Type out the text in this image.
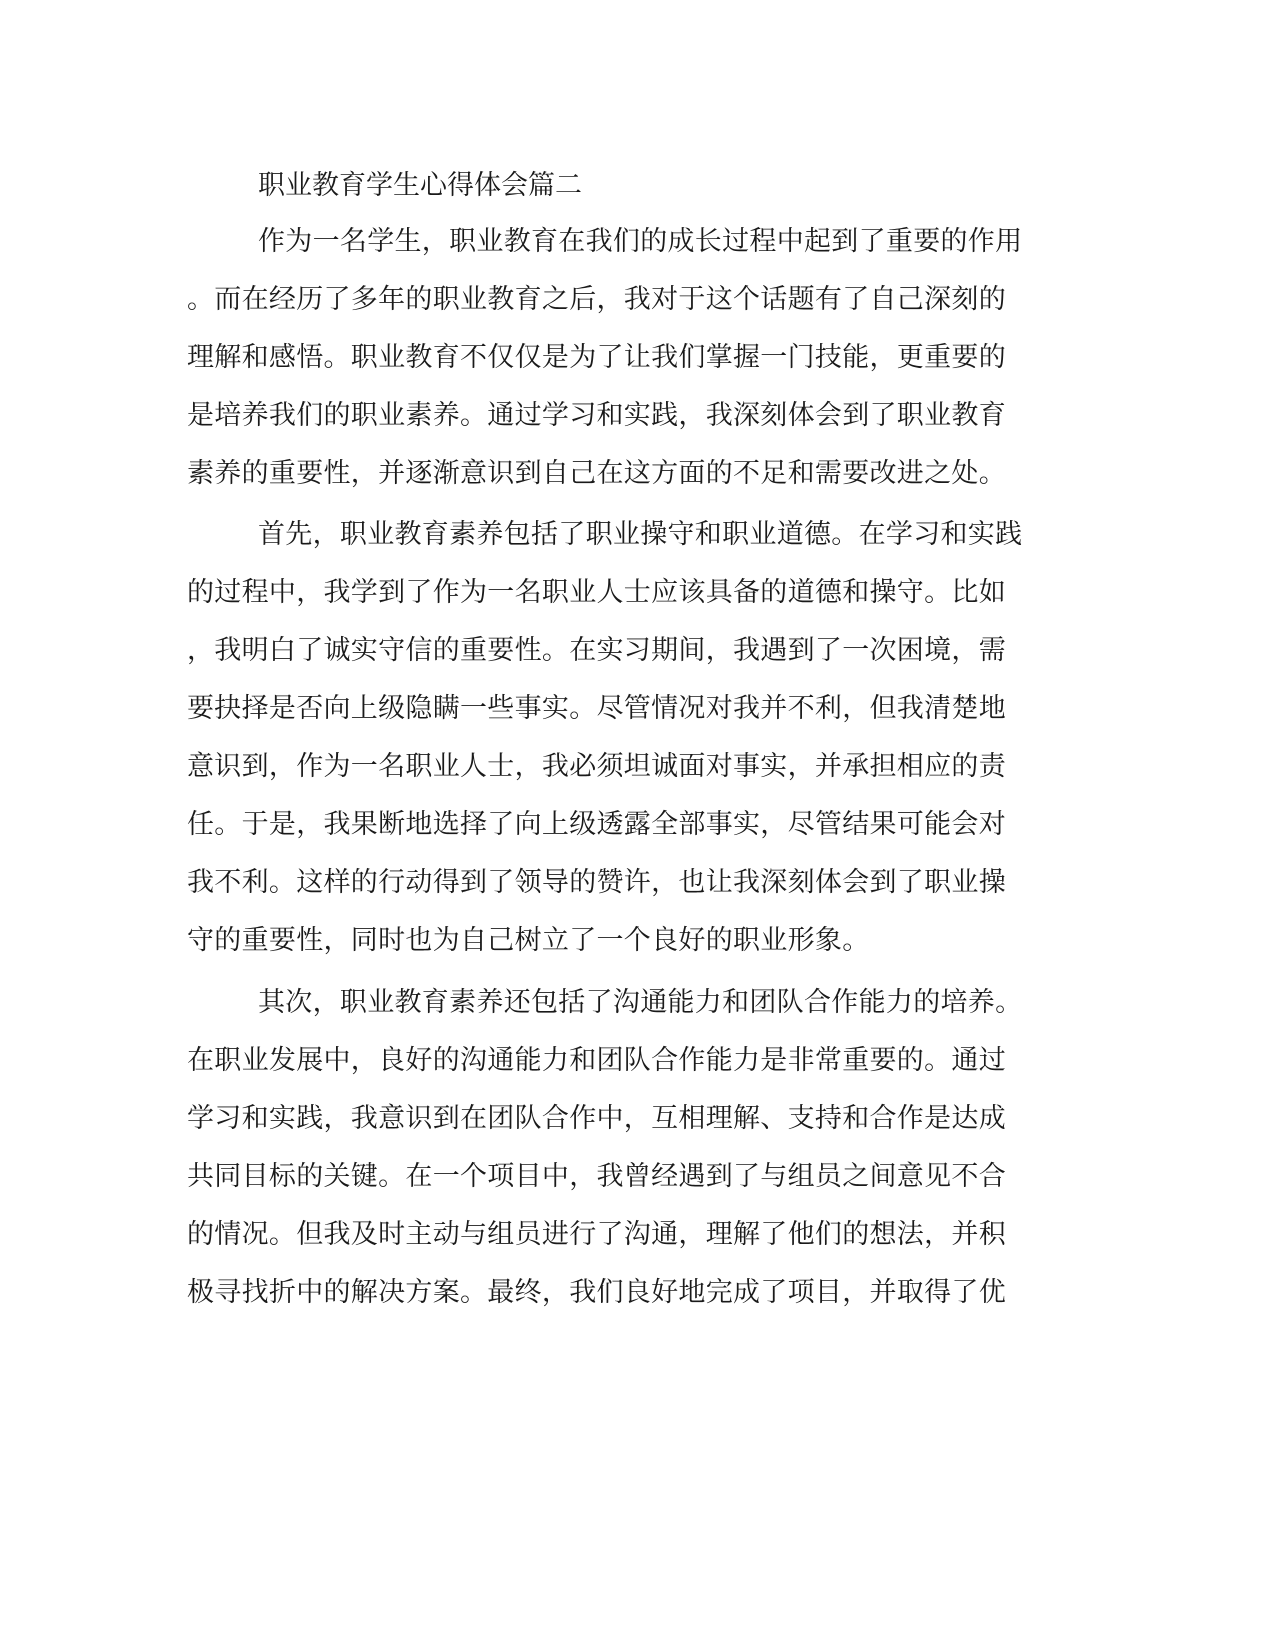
职业教育学生心得体会篇二
作为一名学生，职业教育在我们的成长过程中起到了重要的作用
。而在经历了多年的职业教育之后，我对于这个话题有了自己深刻的
理解和感悟。职业教育不仅仅是为了让我们掌握一门技能，更重要的
是培养我们的职业素养。通过学习和实践，我深刻体会到了职业教育
素养的重要性，并逐渐意识到自己在这方面的不足和需要改进之处。
首先，职业教育素养包括了职业操守和职业道德。在学习和实践
的过程中，我学到了作为一名职业人士应该具备的道德和操守。比如
，我明白了诚实守信的重要性。在实习期间，我遇到了一次困境，需
要抉择是否向上级隐瞒一些事实。尽管情况对我并不利，但我清楚地
意识到，作为一名职业人士，我必须坦诚面对事实，并承担相应的责
任。于是，我果断地选择了向上级透露全部事实，尽管结果可能会对
我不利。这样的行动得到了领导的赞许，也让我深刻体会到了职业操
守的重要性，同时也为自己树立了一个良好的职业形象。
其次，职业教育素养还包括了沟通能力和团队合作能力的培养。
在职业发展中，良好的沟通能力和团队合作能力是非常重要的。通过
学习和实践，我意识到在团队合作中，互相理解、支持和合作是达成
共同目标的关键。在一个项目中，我曾经遇到了与组员之间意见不合
的情况。但我及时主动与组员进行了沟通，理解了他们的想法，并积
极寻找折中的解决方案。最终，我们良好地完成了项目，并取得了优
